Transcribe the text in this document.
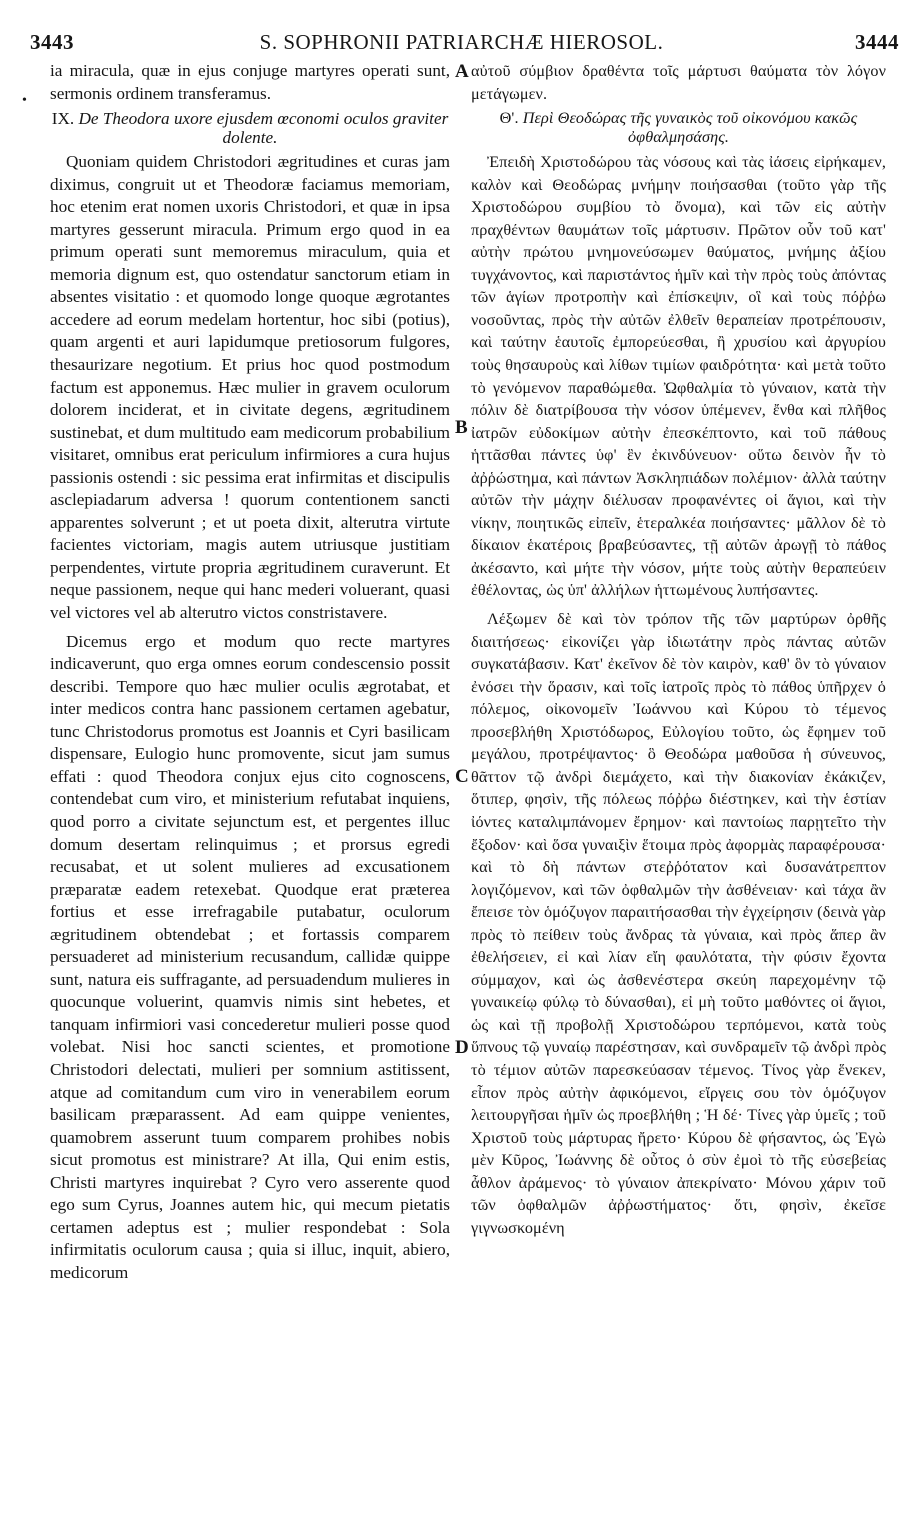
3443	S. SOPHRONII PATRIARCHÆ HIEROSOL.	3444
•
A
B
C
D

ia miracula, quæ in ejus conjuge martyres operati sunt, sermonis ordinem transferamus.

IX. De Theodora uxore ejusdem œconomi oculos graviter dolente.

Quoniam quidem Christodori ægritudines et curas jam diximus, congruit ut et Theodoræ faciamus memoriam, hoc etenim erat nomen uxoris Christodori, et quæ in ipsa martyres gesserunt miracula. Primum ergo quod in ea primum operati sunt memoremus miraculum, quia et memoria dignum est, quo ostendatur sanctorum etiam in absentes visitatio : et quomodo longe quoque ægrotantes accedere ad eorum medelam hortentur, hoc sibi (potius), quam argenti et auri lapidumque pretiosorum fulgores, thesaurizare negotium. Et prius hoc quod postmodum factum est apponemus. Hæc mulier in gravem oculorum dolorem inciderat, et in civitate degens, ægritudinem sustinebat, et dum multitudo eam medicorum probabilium visitaret, omnibus erat periculum infirmiores a cura hujus passionis ostendi : sic pessima erat infirmitas et discipulis asclepiadarum adversa ! quorum contentionem sancti apparentes solverunt ; et ut poeta dixit, alterutra virtute facientes victoriam, magis autem utriusque justitiam perpendentes, virtute propria ægritudinem curaverunt. Et neque passionem, neque qui hanc mederi voluerant, quasi vel victores vel ab alterutro victos constristavere.

Dicemus ergo et modum quo recte martyres indicaverunt, quo erga omnes eorum condescensio possit describi. Tempore quo hæc mulier oculis ægrotabat, et inter medicos contra hanc passionem certamen agebatur, tunc Christodorus promotus est Joannis et Cyri basilicam dispensare, Eulogio hunc promovente, sicut jam sumus effati : quod Theodora conjux ejus cito cognoscens, contendebat cum viro, et ministerium refutabat inquiens, quod porro a civitate sejunctum est, et pergentes illuc domum desertam relinquimus ; et prorsus egredi recusabat, et ut solent mulieres ad excusationem præparatæ eadem retexebat. Quodque erat præterea fortius et esse irrefragabile putabatur, oculorum ægritudinem obtendebat ; et fortassis comparem persuaderet ad ministerium recusandum, callidæ quippe sunt, natura eis suffragante, ad persuadendum mulieres in quocunque voluerint, quamvis nimis sint hebetes, et tanquam infirmiori vasi concederetur mulieri posse quod volebat. Nisi hoc sancti scientes, et promotione Christodori delectati, mulieri per somnium astitissent, atque ad comitandum cum viro in venerabilem eorum basilicam præparassent. Ad eam quippe venientes, quamobrem asserunt tuum comparem prohibes nobis sicut promotus est ministrare? At illa, Qui enim estis, Christi martyres inquirebat ? Cyro vero asserente quod ego sum Cyrus, Joannes autem hic, qui mecum pietatis certamen adeptus est ; mulier respondebat : Sola infirmitatis oculorum causa ; quia si illuc, inquit, abiero, medicorum

αὐτοῦ σύμβιον δραθέντα τοῖς μάρτυσι θαύματα τὸν λόγον μετάγωμεν.

Θ'. Περὶ Θεοδώρας τῆς γυναικὸς τοῦ οἰκονόμου κακῶς ὀφθαλμησάσης.

Ἐπειδὴ Χριστοδώρου τὰς νόσους καὶ τὰς ἰάσεις εἰρήκαμεν, καλὸν καὶ Θεοδώρας μνήμην ποιήσασθαι (τοῦτο γὰρ τῆς Χριστοδώρου συμβίου τὸ ὄνομα), καὶ τῶν εἰς αὐτὴν πραχθέντων θαυμάτων τοῖς μάρτυσιν. Πρῶτον οὖν τοῦ κατ' αὐτὴν πρώτου μνημονεύσωμεν θαύματος, μνήμης ἀξίου τυγχάνοντος, καὶ παριστάντος ἡμῖν καὶ τὴν πρὸς τοὺς ἀπόντας τῶν ἁγίων προτροπὴν καὶ ἐπίσκεψιν, οἳ καὶ τοὺς πόῤῥω νοσοῦντας, πρὸς τὴν αὐτῶν ἐλθεῖν θεραπείαν προτρέπουσιν, καὶ ταύτην ἑαυτοῖς ἐμπορεύεσθαι, ἢ χρυσίου καὶ ἀργυρίου τοὺς θησαυροὺς καὶ λίθων τιμίων φαιδρότητα· καὶ μετὰ τοῦτο τὸ γενόμενον παραθώμεθα. Ὠφθαλμία τὸ γύναιον, κατὰ τὴν πόλιν δὲ διατρίβουσα τὴν νόσον ὑπέμενεν, ἔνθα καὶ πλῆθος ἰατρῶν εὐδοκίμων αὐτὴν ἐπεσκέπτοντο, καὶ τοῦ πάθους ἡττᾶσθαι πάντες ὑφ' ἓν ἐκινδύνευον· οὕτω δεινὸν ἦν τὸ ἀῤῥώστημα, καὶ πάντων Ἀσκληπιάδων πολέμιον· ἀλλὰ ταύτην αὐτῶν τὴν μάχην διέλυσαν προφανέντες οἱ ἅγιοι, καὶ τὴν νίκην, ποιητικῶς εἰπεῖν, ἑτεραλκέα ποιήσαντες· μᾶλλον δὲ τὸ δίκαιον ἑκατέροις βραβεύσαντες, τῇ αὐτῶν ἀρωγῇ τὸ πάθος ἀκέσαντο, καὶ μήτε τὴν νόσον, μήτε τοὺς αὐτὴν θεραπεύειν ἐθέλοντας, ὡς ὑπ' ἀλλήλων ἡττωμένους λυπήσαντες.

Λέξωμεν δὲ καὶ τὸν τρόπον τῆς τῶν μαρτύρων ὀρθῆς διαιτήσεως· εἰκονίζει γὰρ ἰδιωτάτην πρὸς πάντας αὐτῶν συγκατάβασιν. Κατ' ἐκεῖνον δὲ τὸν καιρὸν, καθ' ὃν τὸ γύναιον ἐνόσει τὴν ὅρασιν, καὶ τοῖς ἰατροῖς πρὸς τὸ πάθος ὑπῆρχεν ὁ πόλεμος, οἰκονομεῖν Ἰωάννου καὶ Κύρου τὸ τέμενος προσεβλήθη Χριστόδωρος, Εὐλογίου τοῦτο, ὡς ἔφημεν τοῦ μεγάλου, προτρέψαντος· ὃ Θεοδώρα μαθοῦσα ἡ σύνευνος, θᾶττον τῷ ἀνδρὶ διεμάχετο, καὶ τὴν διακονίαν ἐκάκιζεν, ὅτιπερ, φησὶν, τῆς πόλεως πόῤῥω διέστηκεν, καὶ τὴν ἑστίαν ἰόντες καταλιμπάνομεν ἔρημον· καὶ παντοίως παρῃτεῖτο τὴν ἔξοδον· καὶ ὅσα γυναιξὶν ἕτοιμα πρὸς ἀφορμὰς παραφέρουσα· καὶ τὸ δὴ πάντων στεῤῥότατον καὶ δυσανάτρεπτον λογιζόμενον, καὶ τῶν ὀφθαλμῶν τὴν ἀσθένειαν· καὶ τάχα ἂν ἔπεισε τὸν ὁμόζυγον παραιτήσασθαι τὴν ἐγχείρησιν (δεινὰ γὰρ πρὸς τὸ πείθειν τοὺς ἄνδρας τὰ γύναια, καὶ πρὸς ἅπερ ἂν ἐθελήσειεν, εἰ καὶ λίαν εἴη φαυλότατα, τὴν φύσιν ἔχοντα σύμμαχον, καὶ ὡς ἀσθενέστερα σκεύη παρεχομένην τῷ γυναικείῳ φύλῳ τὸ δύνασθαι), εἰ μὴ τοῦτο μαθόντες οἱ ἅγιοι, ὡς καὶ τῇ προβολῇ Χριστοδώρου τερπόμενοι, κατὰ τοὺς ὕπνους τῷ γυναίῳ παρέστησαν, καὶ συνδραμεῖν τῷ ἀνδρὶ πρὸς τὸ τέμιον αὐτῶν παρεσκεύασαν τέμενος. Τίνος γὰρ ἕνεκεν, εἶπον πρὸς αὐτὴν ἀφικόμενοι, εἴργεις σου τὸν ὁμόζυγον λειτουργῆσαι ἡμῖν ὡς προεβλήθη ; Ἡ δέ· Τίνες γὰρ ὑμεῖς ; τοῦ Χριστοῦ τοὺς μάρτυρας ἤρετο· Κύρου δὲ φήσαντος, ὡς Ἐγὼ μὲν Κῦρος, Ἰωάννης δὲ οὗτος ὁ σὺν ἐμοὶ τὸ τῆς εὐσεβείας ἆθλον ἀράμενος· τὸ γύναιον ἀπεκρίνατο· Μόνου χάριν τοῦ τῶν ὀφθαλμῶν ἀῤῥωστήματος· ὅτι, φησὶν, ἐκεῖσε γιγνωσκομένη
